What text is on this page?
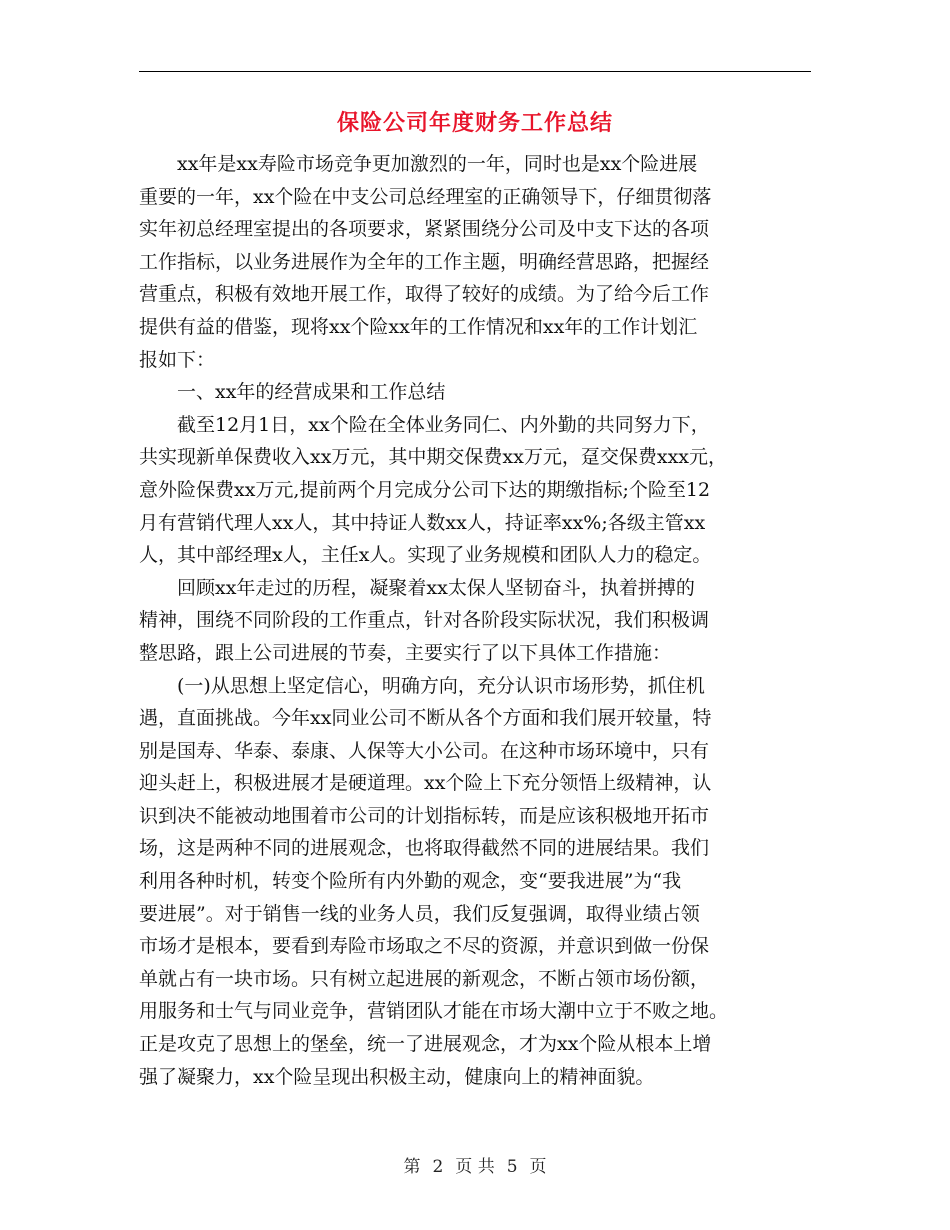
保险公司年度财务工作总结

xx年是xx寿险市场竞争更加激烈的一年，同时也是xx个险进展

重要的一年，xx个险在中支公司总经理室的正确领导下，仔细贯彻落

实年初总经理室提出的各项要求，紧紧围绕分公司及中支下达的各项

工作指标，以业务进展作为全年的工作主题，明确经营思路，把握经

营重点，积极有效地开展工作，取得了较好的成绩。为了给今后工作

提供有益的借鉴，现将xx个险xx年的工作情况和xx年的工作计划汇

报如下：

一、xx年的经营成果和工作总结

截至12月1日，xx个险在全体业务同仁、内外勤的共同努力下，

共实现新单保费收入xx万元，其中期交保费xx万元，趸交保费xxx元，

意外险保费xx万元,提前两个月完成分公司下达的期缴指标;个险至12

月有营销代理人xx人，其中持证人数xx人，持证率xx%;各级主管xx

人，其中部经理x人，主任x人。实现了业务规模和团队人力的稳定。

回顾xx年走过的历程，凝聚着xx太保人坚韧奋斗，执着拼搏的

精神，围绕不同阶段的工作重点，针对各阶段实际状况，我们积极调

整思路，跟上公司进展的节奏，主要实行了以下具体工作措施：

(一)从思想上坚定信心，明确方向，充分认识市场形势，抓住机

遇，直面挑战。今年xx同业公司不断从各个方面和我们展开较量，特

别是国寿、华泰、泰康、人保等大小公司。在这种市场环境中，只有

迎头赶上，积极进展才是硬道理。xx个险上下充分领悟上级精神，认

识到决不能被动地围着市公司的计划指标转，而是应该积极地开拓市

场，这是两种不同的进展观念，也将取得截然不同的进展结果。我们

利用各种时机，转变个险所有内外勤的观念，变“要我进展”为“我

要进展”。对于销售一线的业务人员，我们反复强调，取得业绩占领

市场才是根本，要看到寿险市场取之不尽的资源，并意识到做一份保

单就占有一块市场。只有树立起进展的新观念，不断占领市场份额，

用服务和士气与同业竞争，营销团队才能在市场大潮中立于不败之地。

正是攻克了思想上的堡垒，统一了进展观念，才为xx个险从根本上增

强了凝聚力，xx个险呈现出积极主动，健康向上的精神面貌。

第 2 页 共 5 页
